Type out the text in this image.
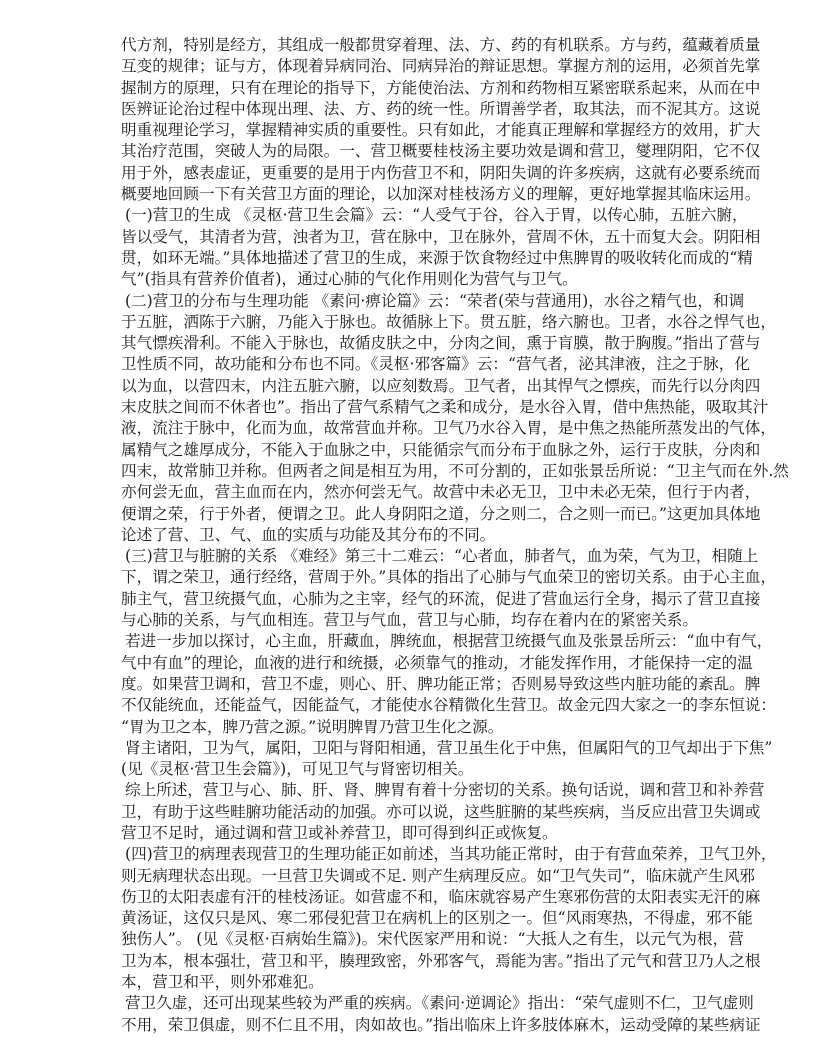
代方剂，特别是经方，其组成一般都贯穿着理、法、方、药的有机联系。方与药，蕴藏着质量
互变的规律；证与方，体现着异病同治、同病异治的辩证思想。掌握方剂的运用，必须首先掌
握制方的原理，只有在理论的指导下，方能使治法、方剂和药物相互紧密联系起来，从而在中
医辨证论治过程中体现出理、法、方、药的统一性。所谓善学者，取其法，而不泥其方。这说
明重视理论学习，掌握精神实质的重要性。只有如此，才能真正理解和掌握经方的效用，扩大
其治疗范围，突破人为的局限。一、营卫概要桂枝汤主要功效是调和营卫，燮理阴阳，它不仅
用于外，感表虚证，更重要的是用于内伤营卫不和，阴阳失调的许多疾病，这就有必要系统而
概要地回顾一下有关营卫方面的理论，以加深对桂枝汤方义的理解，更好地掌握其临床运用。
(一)营卫的生成 《灵枢·营卫生会篇》云：“人受气于谷，谷入于胃，以传心肺，五脏六腑，
皆以受气，其清者为营，浊者为卫，营在脉中，卫在脉外，营周不休，五十而复大会。阴阳相
贯，如环无端。”具体地描述了营卫的生成，来源于饮食物经过中焦脾胃的吸收转化而成的“精
气”(指具有营养价值者)，通过心肺的气化作用则化为营气与卫气。
(二)营卫的分布与生理功能 《素问·痹论篇》云：“荣者(荣与营通用)，水谷之精气也，和调
于五脏，洒陈于六腑，乃能入于脉也。故循脉上下。贯五脏，络六腑也。卫者，水谷之悍气也，
其气慓疾滑利。不能入于脉也，故循皮肤之中，分肉之间，熏于肓膜，散于胸腹。”指出了营与
卫性质不同，故功能和分布也不同。《灵枢·邪客篇》云：“营气者，泌其津液，注之于脉，化
以为血，以营四末，内注五脏六腑，以应刻数焉。卫气者，出其悍气之慓疾，而先行以分肉四
末皮肤之间而不休者也”。指出了营气系精气之柔和成分，是水谷入胃，借中焦热能，吸取其汁
液，流注于脉中，化而为血，故常营血并称。卫气乃水谷入胃，是中焦之热能所蒸发出的气体，
属精气之雄厚成分，不能入于血脉之中，只能循宗气而分布于血脉之外，运行于皮肤，分肉和
四末，故常肺卫并称。但两者之间是相互为用，不可分割的，正如张景岳所说：“卫主气而在外.然
亦何尝无血，营主血而在内，然亦何尝无气。故营中未必无卫，卫中未必无荣，但行于内者，
便谓之荣，行于外者，便谓之卫。此人身阴阳之道，分之则二，合之则一而已。”这更加具体地
论述了营、卫、气、血的实质与功能及其分布的不同。
(三)营卫与脏腑的关系 《难经》第三十二难云：“心者血，肺者气，血为荣，气为卫，相随上
下，谓之荣卫，通行经络，营周于外。”具体的指出了心肺与气血荣卫的密切关系。由于心主血，
肺主气，营卫统摄气血，心肺为之主宰，经气的环流，促进了营血运行全身，揭示了营卫直接
与心肺的关系，与气血相连。营卫与气血，营卫与心肺，均存在着内在的紧密关系。
若进一步加以探讨，心主血，肝藏血，脾统血，根据营卫统摄气血及张景岳所云：“血中有气，
气中有血”的理论，血液的进行和统摄，必须靠气的推动，才能发挥作用，才能保持一定的温
度。如果营卫调和，营卫不虚，则心、肝、脾功能正常；否则易导致这些内脏功能的紊乱。脾
不仅能统血，还能益气，因能益气，才能使水谷精微化生营卫。故金元四大家之一的李东恒说：
“胃为卫之本，脾乃营之源。”说明脾胃乃营卫生化之源。
肾主诸阳，卫为气，属阳，卫阳与肾阳相通，营卫虽生化于中焦，但属阳气的卫气却出于下焦”
(见《灵枢·营卫生会篇》)，可见卫气与肾密切相关。
综上所述，营卫与心、肺、肝、肾、脾胃有着十分密切的关系。换句话说，调和营卫和补养营
卫，有助于这些畦腑功能活动的加强。亦可以说，这些脏腑的某些疾病，当反应出营卫失调或
营卫不足时，通过调和营卫或补养营卫，即可得到纠正或恢复。
(四)营卫的病理表现营卫的生理功能正如前述，当其功能正常时，由于有营血荣养，卫气卫外，
则无病理状态出现。一旦营卫失调或不足. 则产生病理反应。如“卫气失司”，临床就产生风邪
伤卫的太阳表虚有汗的桂枝汤证。如营虚不和，临床就容易产生寒邪伤营的太阳表实无汗的麻
黄汤证，这仅只是风、寒二邪侵犯营卫在病机上的区别之一。但“风雨寒热，不得虚，邪不能
独伤人”。 (见《灵枢·百病始生篇》)。宋代医家严用和说：“大抵人之有生，以元气为根，营
卫为本，根本强壮，营卫和平，腠理致密，外邪客气，焉能为害。”指出了元气和营卫乃人之根
本，营卫和平，则外邪难犯。
营卫久虚，还可出现某些较为严重的疾病。《素问·逆调论》指出：“荣气虚则不仁，卫气虚则
不用，荣卫俱虚，则不仁且不用，肉如故也。”指出临床上许多肢体麻木，运动受障的某些病证
